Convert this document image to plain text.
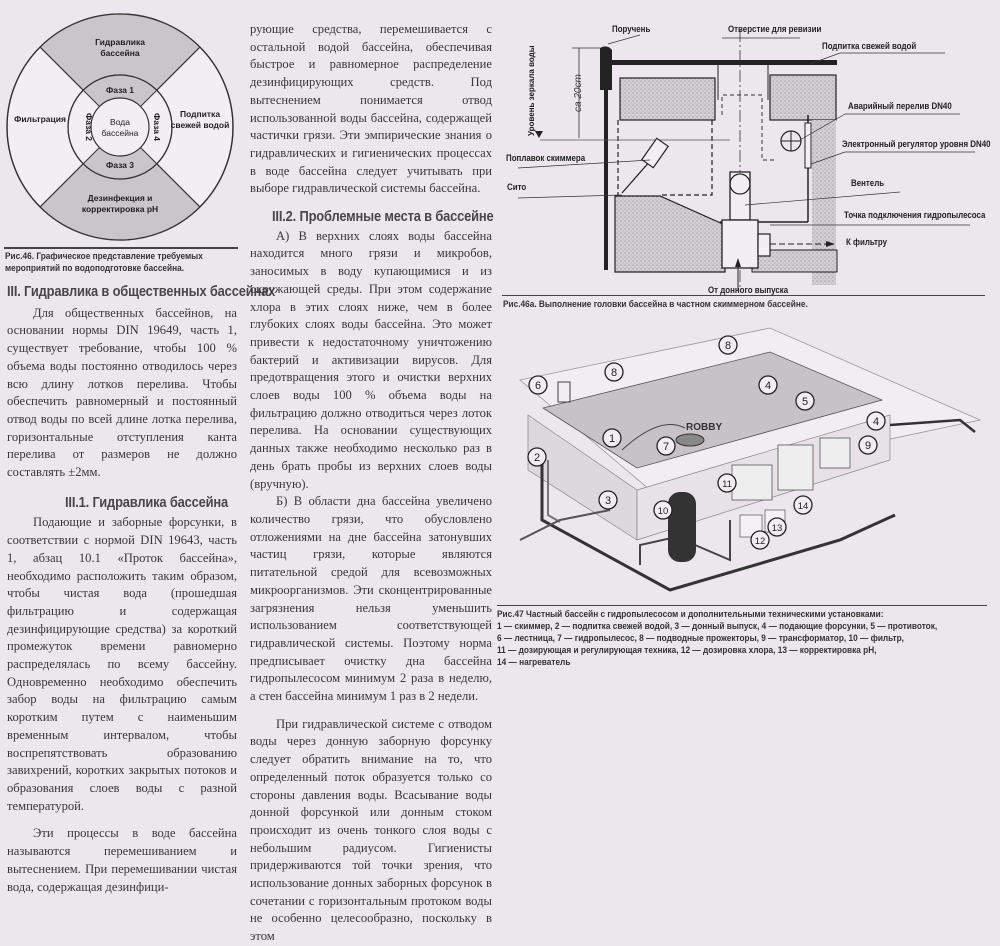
Гидравлика
бассейна
Подпитка
свежей водой
Дезинфекция и
корректировка pH
Фильтрация
Фаза 1
Фаза 2
Фаза 3
Фаза 4
Вода
бассейна
Рис.46. Графическое представление требуемых
мероприятий по водоподготовке бассейна.
III. Гидравлика в общественных бассейнах

Для общественных бассейнов, на основании нормы DIN 19649, часть 1, существует требование, чтобы 100 % объема воды постоянно отводилось через всю длину лотков перелива. Чтобы обеспечить равномерный и постоянный отвод воды по всей длине лотка перелива, горизонтальные отступления канта перелива от размеров не должно составлять ±2мм.

III.1. Гидравлика бассейна

Подающие и заборные форсунки, в соответствии с нормой DIN 19643, часть 1, абзац 10.1 «Проток бассейна», необходимо расположить таким образом, чтобы чистая вода (прошедшая фильтрацию и содержащая дезинфицирующие средства) за короткий промежуток времени равномерно распределялась по всему бассейну. Одновременно необходимо обеспечить забор воды на фильтрацию самым коротким путем с наименьшим временным интервалом, чтобы воспрепятствовать образованию завихрений, коротких закрытых потоков и образования слоев воды с разной температурой.

Эти процессы в воде бассейна называются перемешиванием и вытеснением. При перемешивании чистая вода, содержащая дезинфици-

рующие средства, перемешивается с остальной водой бассейна, обеспечивая быстрое и равномерное распределение дезинфицирующих средств. Под вытеснением понимается отвод использованной воды бассейна, содержащей частички грязи. Эти эмпирические знания о гидравлических и гигиенических процессах в воде бассейна следует учитывать при выборе гидравлической системы бассейна.

III.2. Проблемные места в бассейне

А) В верхних слоях воды бассейна находится много грязи и микробов, заносимых в воду купающимися и из окружающей среды. При этом содержание хлора в этих слоях ниже, чем в более глубоких слоях воды бассейна. Это может привести к недостаточному уничтожению бактерий и активизации вирусов. Для предотвращения этого и очистки верхних слоев воды 100 % объема воды на фильтрацию должно отводиться через лоток перелива. На основании существующих данных также необходимо несколько раз в день брать пробы из верхних слоев воды (вручную).

Б) В области дна бассейна увеличено количество грязи, что обусловлено отложениями на дне бассейна затонувших частиц грязи, которые являются питательной средой для всевозможных микроорганизмов. Эти сконцентрированные загрязнения нельзя уменьшить использованием соответствующей гидравлической системы. Поэтому норма предписывает очистку дна бассейна гидропылесосом минимум 2 раза в неделю, а стен бассейна минимум 1 раз в 2 недели.

При гидравлической системе с отводом воды через донную заборную форсунку следует обратить внимание на то, что определенный поток образуется только со стороны давления воды. Всасывание воды донной форсункой или донным стоком происходит из очень тонкого слоя воды с небольшим радиусом. Гигиенисты придерживаются той точки зрения, что использование донных заборных форсунок в сочетании с горизонтальным протоком воды не особенно целесообразно, поскольку в этом

Поручень	Отверстие для ревизии
Подпитка свежей водой
Аварийный перелив DN40
Электронный регулятор уровня DN40
Поплавок скиммера
Сито	Вентель
Точка подключения гидропылесоса
К фильтру
От донного выпуска
Уровень зеркала воды	ca 20cm
Рис.46а. Выполнение головки бассейна в частном скиммерном бассейне.
ROBBY
8
6
8
4
5
4
1
7
2
9
11
3
10	14
12
13
Рис.47 Частный бассейн с гидропылесосом и дополнительными техническими установками:
1 — скиммер, 2 — подпитка свежей водой, 3 — донный выпуск, 4 — подающие форсунки, 5 — противоток,
6 — лестница, 7 — гидропылесос, 8 — подводные прожекторы, 9 — трансформатор, 10 — фильтр,
11 — дозирующая и регулирующая техника, 12 — дозировка хлора, 13 — корректировка pH,
14 — нагреватель
